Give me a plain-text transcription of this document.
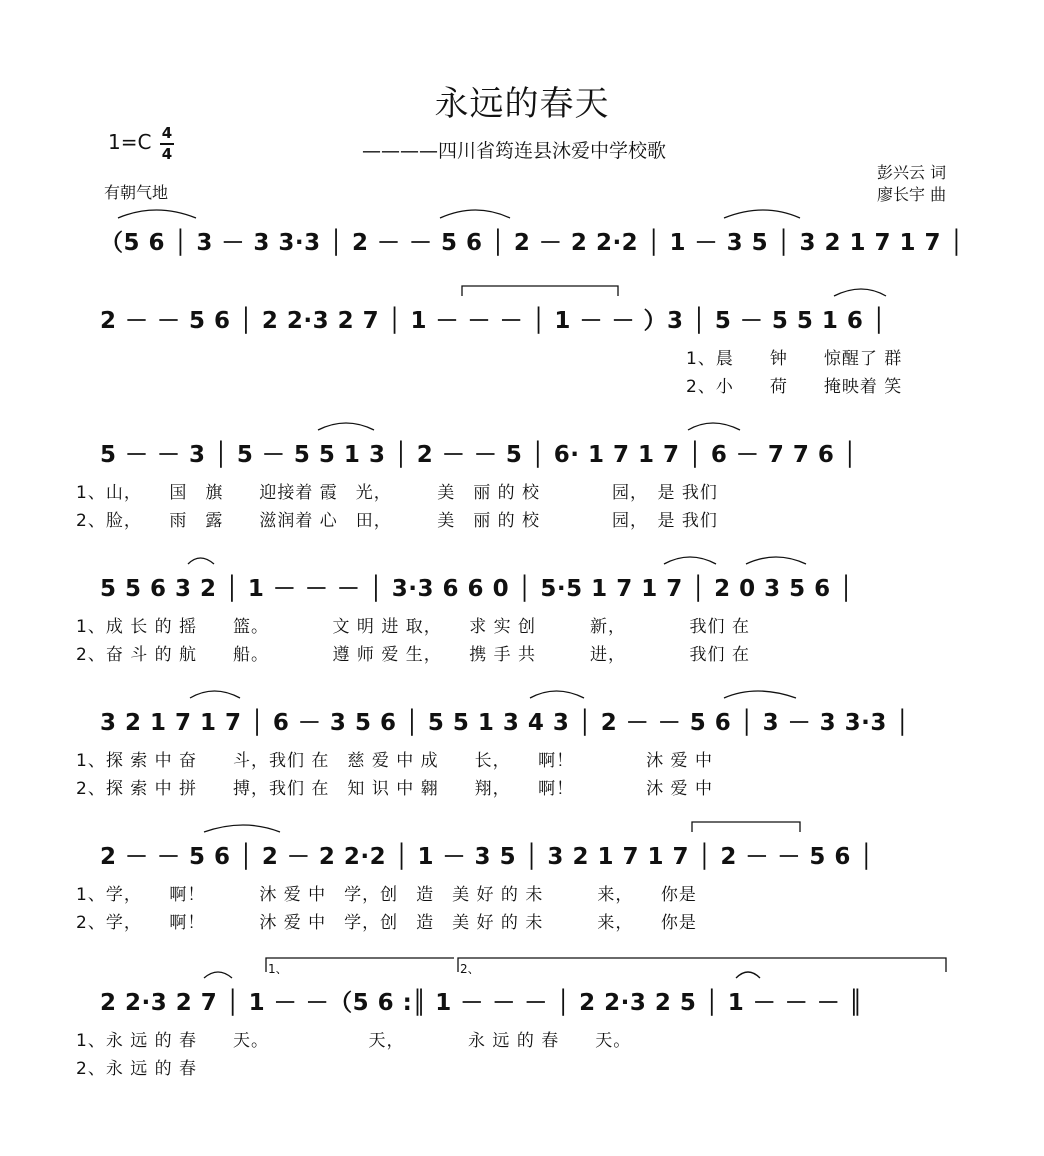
永远的春天
————四川省筠连县沐爱中学校歌
1=C 4
4
有朝气地
彭兴云 词
廖长宇 曲
（5 6 │ 3 － 3 3·3 │ 2 － － 5 6 │ 2 － 2 2·2 │ 1 － 3 5 │ 3 2 1 7 1 7 │
2 － － 5 6 │ 2 2·3 2 7 │ 1 － － － │ 1 － － ）3 │ 5 － 5 5 1 6 │
1、晨　　钟　　惊醒了 群
2、小　　荷　　掩映着 笑
5 － － 3 │ 5 － 5 5 1 3 │ 2 － － 5 │ 6· 1 7 1 7 │ 6 － 7 7 6 │
1、山，　　国　旗　　迎接着 霞　光，　　　美　丽 的 校　　　　园，　是 我们
2、脸，　　雨　露　　滋润着 心　田，　　　美　丽 的 校　　　　园，　是 我们
5 5 6 3 2 │ 1 － － － │ 3·3 6 6 0 │ 5·5 1 7 1 7 │ 2 0 3 5 6 │
1、成 长 的 摇　　篮。　　　　文 明 进 取，　　求 实 创　　　新，　　　　我们 在
2、奋 斗 的 航　　船。　　　　遵 师 爱 生，　　携 手 共　　　进，　　　　我们 在
3 2 1 7 1 7 │ 6 － 3 5 6 │ 5 5 1 3 4 3 │ 2 － － 5 6 │ 3 － 3 3·3 │
1、探 索 中 奋　　斗，我们 在　慈 爱 中 成　　长，　　啊！　　　　沐 爱 中
2、探 索 中 拼　　搏，我们 在　知 识 中 翱　　翔，　　啊！　　　　沐 爱 中
2 － － 5 6 │ 2 － 2 2·2 │ 1 － 3 5 │ 3 2 1 7 1 7 │ 2 － － 5 6 │
1、学，　　啊！　　　沐 爱 中　学，创　造　美 好 的 未　　　来，　　你是
2、学，　　啊！　　　沐 爱 中　学，创　造　美 好 的 未　　　来，　　你是
1、	2、
2 2·3 2 7 │ 1 － －（5 6 :║ 1 － － － │ 2 2·3 2 5 │ 1 － － － ║
1、永 远 的 春　　天。　　　　　　天，　　　　永 远 的 春　　天。
2、永 远 的 春
